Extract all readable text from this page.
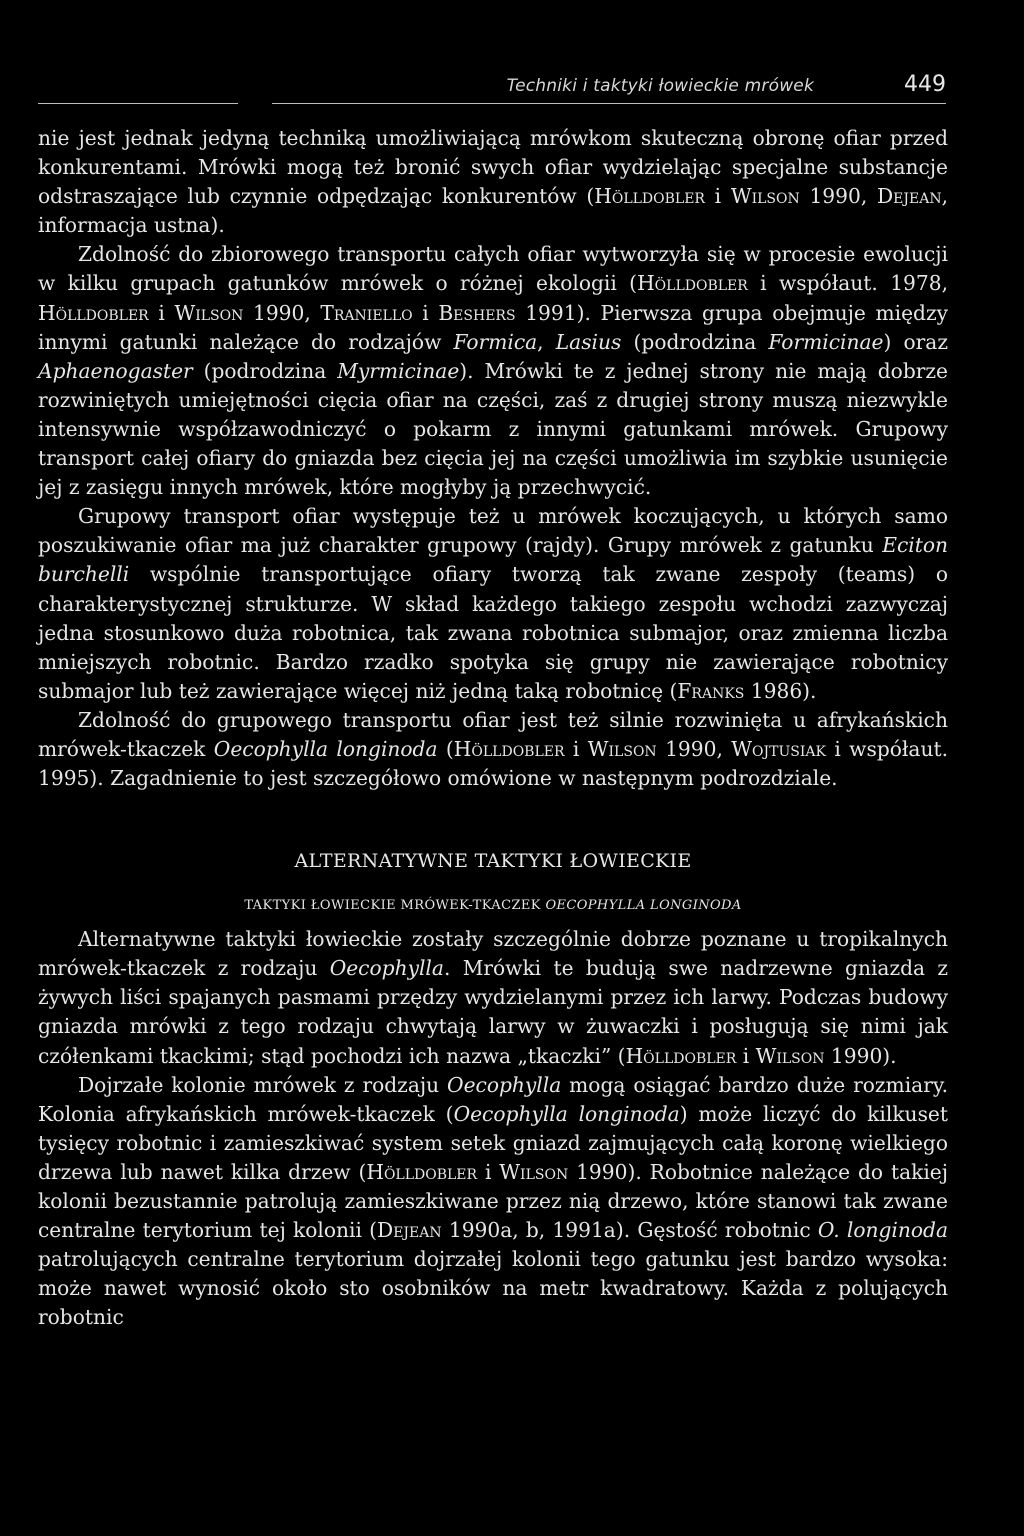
Techniki i taktyki łowieckie mrówek	449

nie jest jednak jedyną techniką umożliwiającą mrówkom skuteczną obronę ofiar przed konkurentami. Mrówki mogą też bronić swych ofiar wydzielając specjalne substancje odstraszające lub czynnie odpędzając konkurentów (Hölldobler i Wilson 1990, Dejean, informacja ustna).

Zdolność do zbiorowego transportu całych ofiar wytworzyła się w procesie ewolucji w kilku grupach gatunków mrówek o różnej ekologii (Hölldobler i współaut. 1978, Hölldobler i Wilson 1990, Traniello i Beshers 1991). Pierwsza grupa obejmuje między innymi gatunki należące do rodzajów Formica, Lasius (podrodzina Formicinae) oraz Aphaenogaster (podrodzina Myrmicinae). Mrówki te z jednej strony nie mają dobrze rozwiniętych umiejętności cięcia ofiar na części, zaś z drugiej strony muszą niezwykle intensywnie współzawodniczyć o pokarm z innymi gatunkami mrówek. Grupowy transport całej ofiary do gniazda bez cięcia jej na części umożliwia im szybkie usunięcie jej z zasięgu innych mrówek, które mogłyby ją przechwycić.

Grupowy transport ofiar występuje też u mrówek koczujących, u których samo poszukiwanie ofiar ma już charakter grupowy (rajdy). Grupy mrówek z gatunku Eciton burchelli wspólnie transportujące ofiary tworzą tak zwane zespoły (teams) o charakterystycznej strukturze. W skład każdego takiego zespołu wchodzi zazwyczaj jedna stosunkowo duża robotnica, tak zwana robotnica submajor, oraz zmienna liczba mniejszych robotnic. Bardzo rzadko spotyka się grupy nie zawierające robotnicy submajor lub też zawierające więcej niż jedną taką robotnicę (Franks 1986).

Zdolność do grupowego transportu ofiar jest też silnie rozwinięta u afrykańskich mrówek-tkaczek Oecophylla longinoda (Hölldobler i Wilson 1990, Wojtusiak i współaut. 1995). Zagadnienie to jest szczegółowo omówione w następnym podrozdziale.

ALTERNATYWNE TAKTYKI ŁOWIECKIE
TAKTYKI ŁOWIECKIE MRÓWEK-TKACZEK OECOPHYLLA LONGINODA

Alternatywne taktyki łowieckie zostały szczególnie dobrze poznane u tropikalnych mrówek-tkaczek z rodzaju Oecophylla. Mrówki te budują swe nadrzewne gniazda z żywych liści spajanych pasmami przędzy wydzielanymi przez ich larwy. Podczas budowy gniazda mrówki z tego rodzaju chwytają larwy w żuwaczki i posługują się nimi jak czółenkami tkackimi; stąd pochodzi ich nazwa „tkaczki” (Hölldobler i Wilson 1990).

Dojrzałe kolonie mrówek z rodzaju Oecophylla mogą osiągać bardzo duże rozmiary. Kolonia afrykańskich mrówek-tkaczek (Oecophylla longinoda) może liczyć do kilkuset tysięcy robotnic i zamieszkiwać system setek gniazd zajmujących całą koronę wielkiego drzewa lub nawet kilka drzew (Hölldobler i Wilson 1990). Robotnice należące do takiej kolonii bezustannie patrolują zamieszkiwane przez nią drzewo, które stanowi tak zwane centralne terytorium tej kolonii (Dejean 1990a, b, 1991a). Gęstość robotnic O. longinoda patrolujących centralne terytorium dojrzałej kolonii tego gatunku jest bardzo wysoka: może nawet wynosić około sto osobników na metr kwadratowy. Każda z polujących robotnic
